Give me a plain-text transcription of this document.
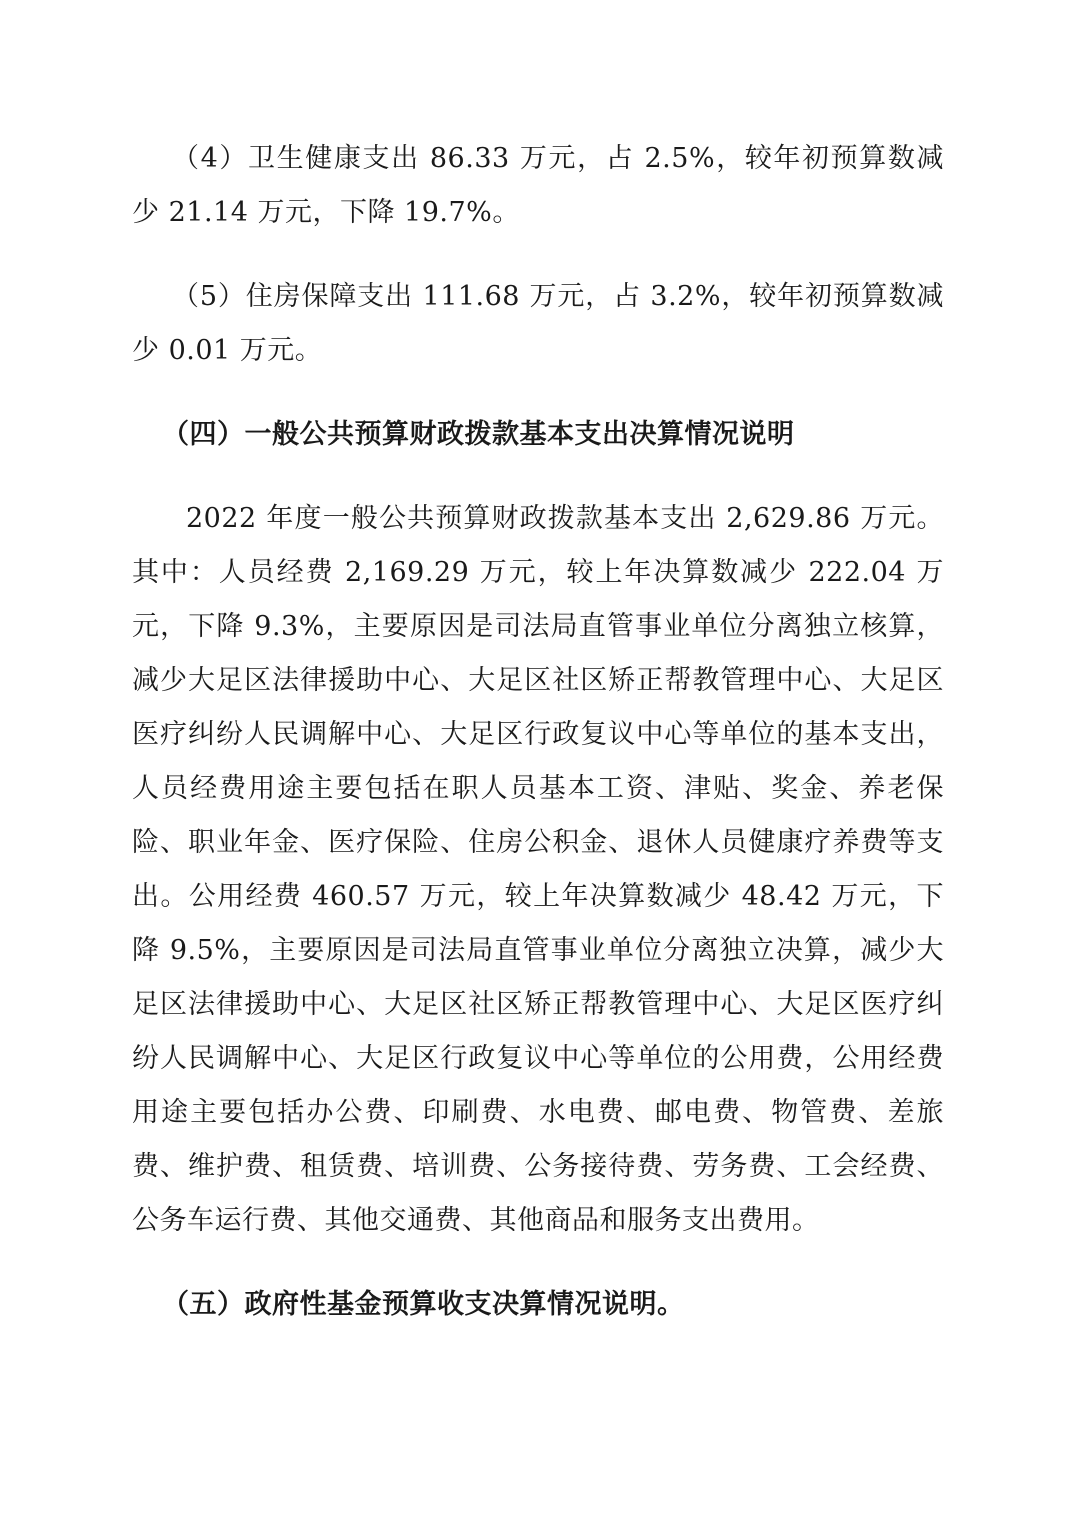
（4）卫生健康支出 86.33 万元，占 2.5%，较年初预算数减少 21.14 万元，下降 19.7%。

（5）住房保障支出 111.68 万元，占 3.2%，较年初预算数减少 0.01 万元。

（四）一般公共预算财政拨款基本支出决算情况说明

2022 年度一般公共预算财政拨款基本支出 2,629.86 万元。其中：人员经费 2,169.29 万元，较上年决算数减少 222.04 万元，下降 9.3%，主要原因是司法局直管事业单位分离独立核算，减少大足区法律援助中心、大足区社区矫正帮教管理中心、大足区医疗纠纷人民调解中心、大足区行政复议中心等单位的基本支出，人员经费用途主要包括在职人员基本工资、津贴、奖金、养老保险、职业年金、医疗保险、住房公积金、退休人员健康疗养费等支出。公用经费 460.57 万元，较上年决算数减少 48.42 万元，下降 9.5%，主要原因是司法局直管事业单位分离独立决算，减少大足区法律援助中心、大足区社区矫正帮教管理中心、大足区医疗纠纷人民调解中心、大足区行政复议中心等单位的公用费，公用经费用途主要包括办公费、印刷费、水电费、邮电费、物管费、差旅费、维护费、租赁费、培训费、公务接待费、劳务费、工会经费、公务车运行费、其他交通费、其他商品和服务支出费用。

（五）政府性基金预算收支决算情况说明。
